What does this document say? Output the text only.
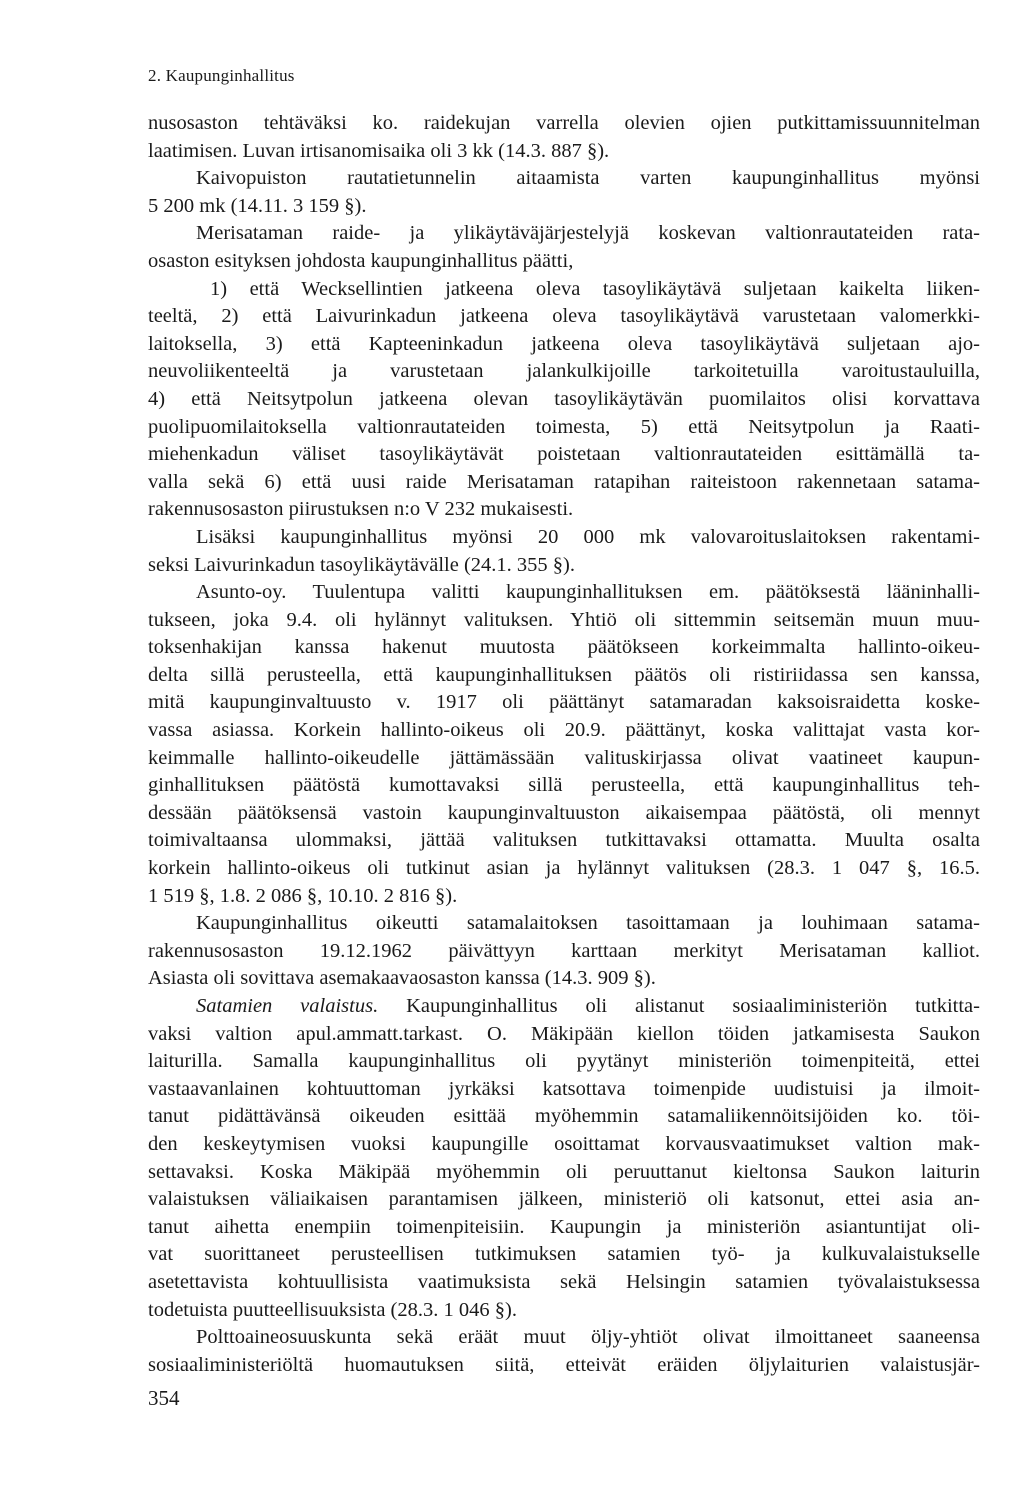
2. Kaupunginhallitus
nusosaston tehtäväksi ko. raidekujan varrella olevien ojien putkittamissuunnitelman
laatimisen. Luvan irtisanomisaika oli 3 kk (14.3. 887 §).
Kaivopuiston rautatietunnelin aitaamista varten kaupunginhallitus myönsi
5 200 mk (14.11. 3 159 §).
Merisataman raide- ja ylikäytäväjärjestelyjä koskevan valtionrautateiden rata-
osaston esityksen johdosta kaupunginhallitus päätti,
1) että Wecksellintien jatkeena oleva tasoylikäytävä suljetaan kaikelta liiken-
teeltä, 2) että Laivurinkadun jatkeena oleva tasoylikäytävä varustetaan valomerkki-
laitoksella, 3) että Kapteeninkadun jatkeena oleva tasoylikäytävä suljetaan ajo-
neuvoliikenteeltä ja varustetaan jalankulkijoille tarkoitetuilla varoitustauluilla,
4) että Neitsytpolun jatkeena olevan tasoylikäytävän puomilaitos olisi korvattava
puolipuomilaitoksella valtionrautateiden toimesta, 5) että Neitsytpolun ja Raati-
miehenkadun väliset tasoylikäytävät poistetaan valtionrautateiden esittämällä ta-
valla sekä 6) että uusi raide Merisataman ratapihan raiteistoon rakennetaan satama-
rakennusosaston piirustuksen n:o V 232 mukaisesti.
Lisäksi kaupunginhallitus myönsi 20 000 mk valovaroituslaitoksen rakentami-
seksi Laivurinkadun tasoylikäytävälle (24.1. 355 §).
Asunto-oy. Tuulentupa valitti kaupunginhallituksen em. päätöksestä lääninhalli-
tukseen, joka 9.4. oli hylännyt valituksen. Yhtiö oli sittemmin seitsemän muun muu-
toksenhakijan kanssa hakenut muutosta päätökseen korkeimmalta hallinto-oikeu-
delta sillä perusteella, että kaupunginhallituksen päätös oli ristiriidassa sen kanssa,
mitä kaupunginvaltuusto v. 1917 oli päättänyt satamaradan kaksoisraidetta koske-
vassa asiassa. Korkein hallinto-oikeus oli 20.9. päättänyt, koska valittajat vasta kor-
keimmalle hallinto-oikeudelle jättämässään valituskirjassa olivat vaatineet kaupun-
ginhallituksen päätöstä kumottavaksi sillä perusteella, että kaupunginhallitus teh-
dessään päätöksensä vastoin kaupunginvaltuuston aikaisempaa päätöstä, oli mennyt
toimivaltaansa ulommaksi, jättää valituksen tutkittavaksi ottamatta. Muulta osalta
korkein hallinto-oikeus oli tutkinut asian ja hylännyt valituksen (28.3. 1 047 §, 16.5.
1 519 §, 1.8. 2 086 §, 10.10. 2 816 §).
Kaupunginhallitus oikeutti satamalaitoksen tasoittamaan ja louhimaan satama-
rakennusosaston 19.12.1962 päivättyyn karttaan merkityt Merisataman kalliot.
Asiasta oli sovittava asemakaavaosaston kanssa (14.3. 909 §).
Satamien valaistus. Kaupunginhallitus oli alistanut sosiaaliministeriön tutkitta-
vaksi valtion apul.ammatt.tarkast. O. Mäkipään kiellon töiden jatkamisesta Saukon
laiturilla. Samalla kaupunginhallitus oli pyytänyt ministeriön toimenpiteitä, ettei
vastaavanlainen kohtuuttoman jyrkäksi katsottava toimenpide uudistuisi ja ilmoit-
tanut pidättävänsä oikeuden esittää myöhemmin satamaliikennöitsijöiden ko. töi-
den keskeytymisen vuoksi kaupungille osoittamat korvausvaatimukset valtion mak-
settavaksi. Koska Mäkipää myöhemmin oli peruuttanut kieltonsa Saukon laiturin
valaistuksen väliaikaisen parantamisen jälkeen, ministeriö oli katsonut, ettei asia an-
tanut aihetta enempiin toimenpiteisiin. Kaupungin ja ministeriön asiantuntijat oli-
vat suorittaneet perusteellisen tutkimuksen satamien työ- ja kulkuvalaistukselle
asetettavista kohtuullisista vaatimuksista sekä Helsingin satamien työvalaistuksessa
todetuista puutteellisuuksista (28.3. 1 046 §).
Polttoaineosuuskunta sekä eräät muut öljy-yhtiöt olivat ilmoittaneet saaneensa
sosiaaliministeriöltä huomautuksen siitä, etteivät eräiden öljylaiturien valaistusjär-
354
